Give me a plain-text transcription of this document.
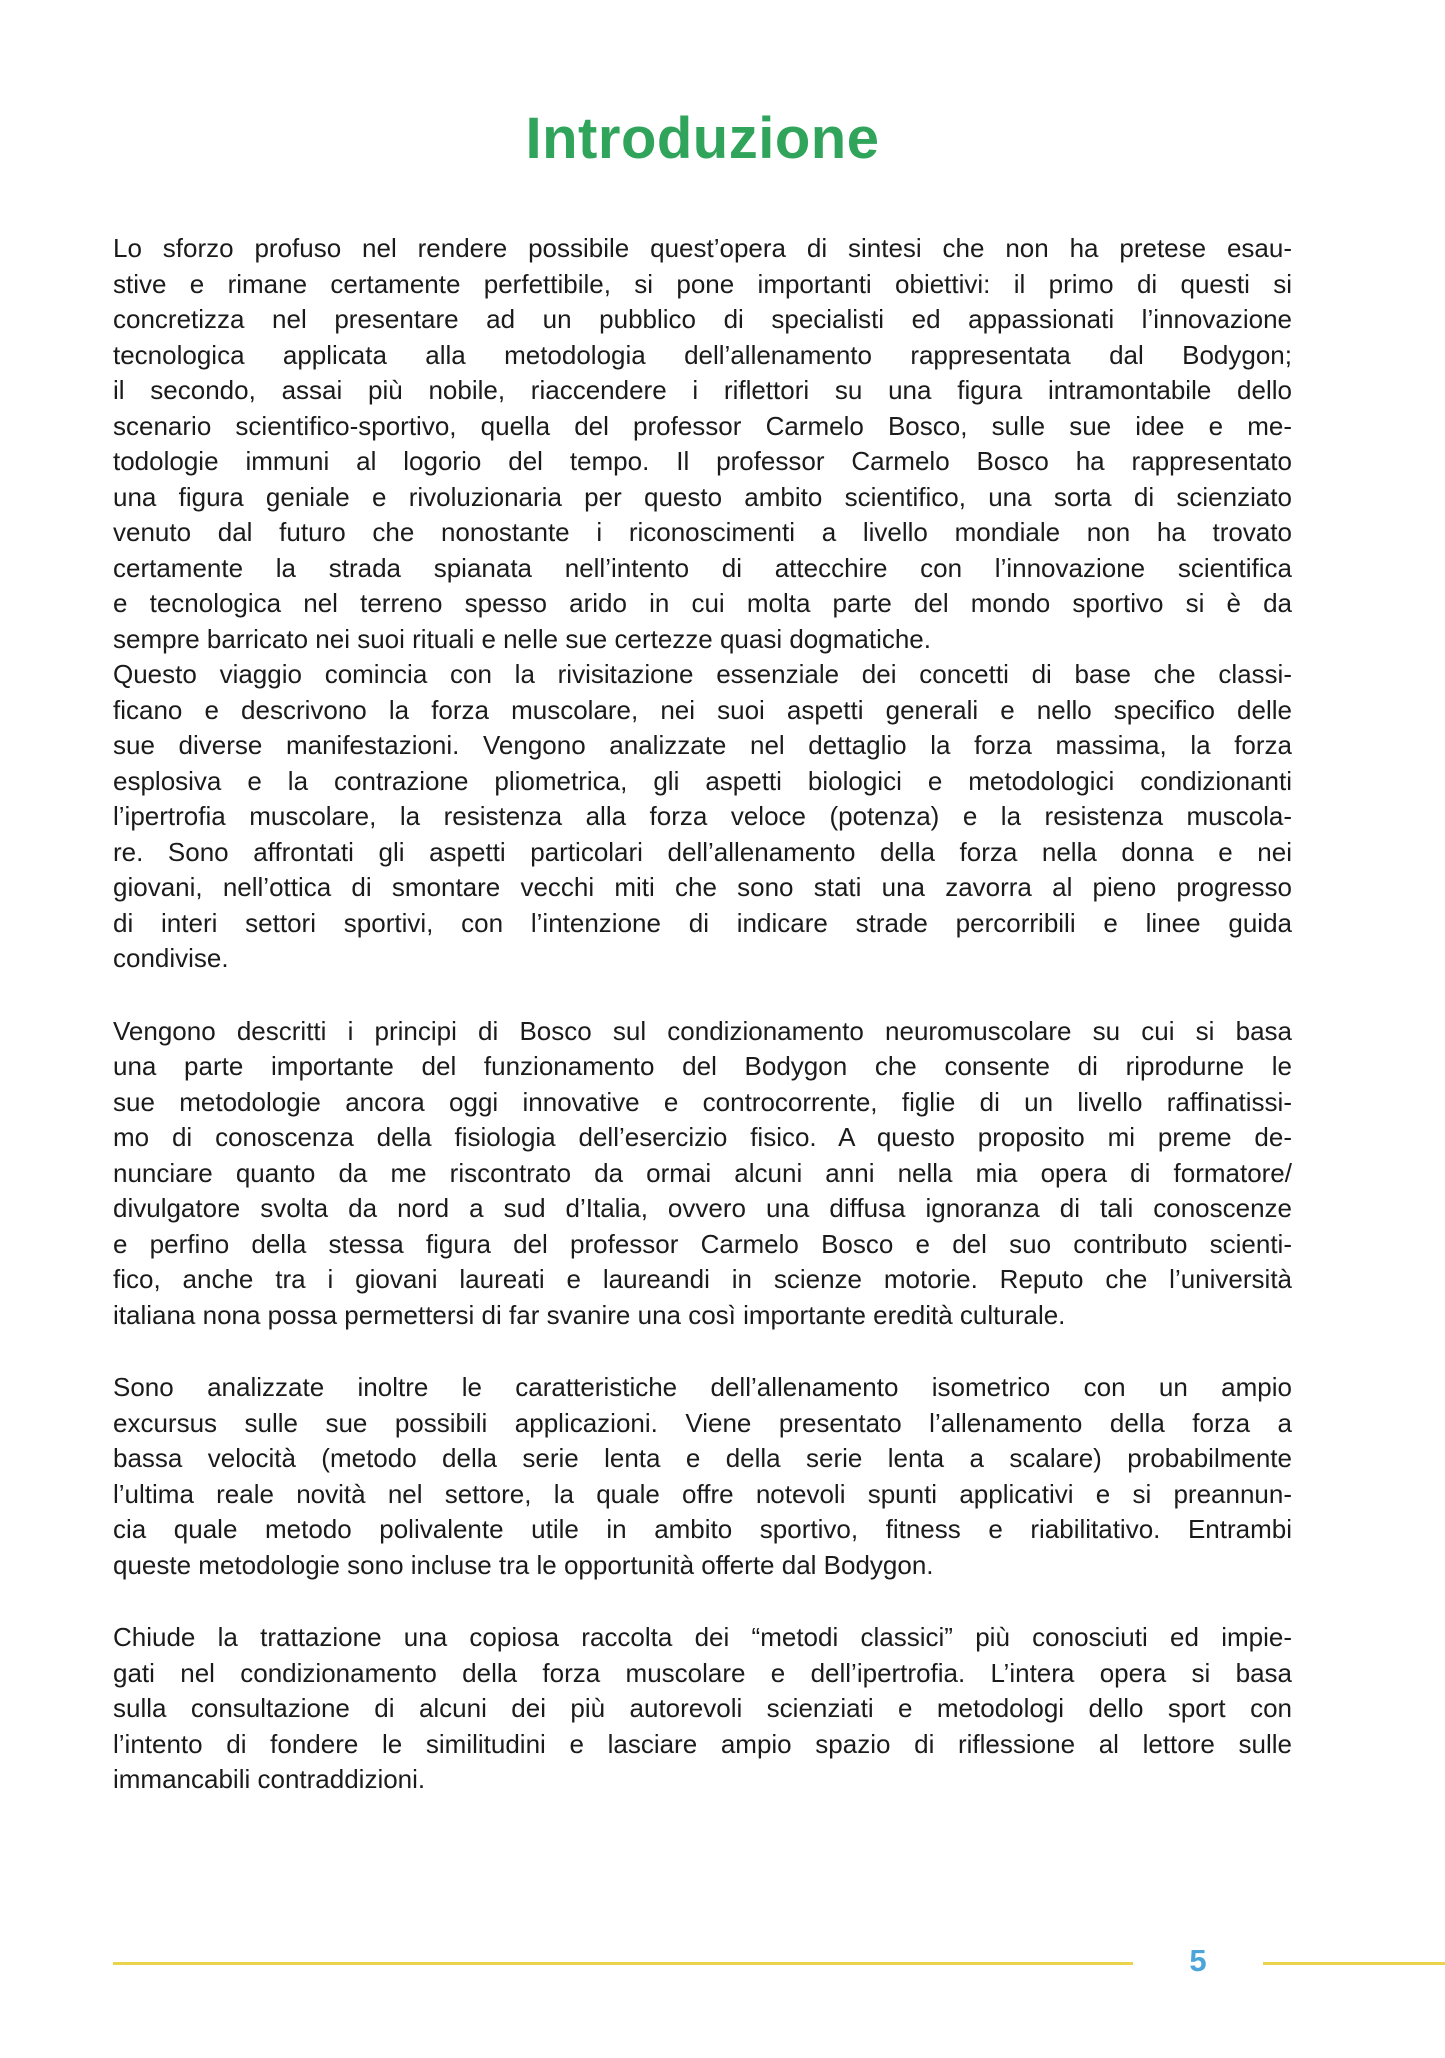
Introduzione
Lo sforzo profuso nel rendere possibile quest’opera di sintesi che non ha pretese esau-
stive e rimane certamente perfettibile, si pone importanti obiettivi: il primo di questi si
concretizza nel presentare ad un pubblico di specialisti ed appassionati l’innovazione
tecnologica applicata alla metodologia dell’allenamento rappresentata dal Bodygon;
il secondo, assai più nobile, riaccendere i riflettori su una figura intramontabile dello
scenario scientifico-sportivo, quella del professor Carmelo Bosco, sulle sue idee e me-
todologie immuni al logorio del tempo. Il professor Carmelo Bosco ha rappresentato
una figura geniale e rivoluzionaria per questo ambito scientifico, una sorta di scienziato
venuto dal futuro che nonostante i riconoscimenti a livello mondiale non ha trovato
certamente la strada spianata nell’intento di attecchire con l’innovazione scientifica
e tecnologica nel terreno spesso arido in cui molta parte del mondo sportivo si è da
sempre barricato nei suoi rituali e nelle sue certezze quasi dogmatiche.
Questo viaggio comincia con la rivisitazione essenziale dei concetti di base che classi-
ficano e descrivono la forza muscolare, nei suoi aspetti generali e nello specifico delle
sue diverse manifestazioni. Vengono analizzate nel dettaglio la forza massima, la forza
esplosiva e la contrazione pliometrica, gli aspetti biologici e metodologici condizionanti
l’ipertrofia muscolare, la resistenza alla forza veloce (potenza) e la resistenza muscola-
re. Sono affrontati gli aspetti particolari dell’allenamento della forza nella donna e nei
giovani, nell’ottica di smontare vecchi miti che sono stati una zavorra al pieno progresso
di interi settori sportivi, con l’intenzione di indicare strade percorribili e linee guida
condivise.
Vengono descritti i principi di Bosco sul condizionamento neuromuscolare su cui si basa
una parte importante del funzionamento del Bodygon che consente di riprodurne le
sue metodologie ancora oggi innovative e controcorrente, figlie di un livello raffinatissi-
mo di conoscenza della fisiologia dell’esercizio fisico. A questo proposito mi preme de-
nunciare quanto da me riscontrato da ormai alcuni anni nella mia opera di formatore/
divulgatore svolta da nord a sud d’Italia, ovvero una diffusa ignoranza di tali conoscenze
e perfino della stessa figura del professor Carmelo Bosco e del suo contributo scienti-
fico, anche tra i giovani laureati e laureandi in scienze motorie. Reputo che l’università
italiana nona possa permettersi di far svanire una così importante eredità culturale.
Sono analizzate inoltre le caratteristiche dell’allenamento isometrico con un ampio
excursus sulle sue possibili applicazioni. Viene presentato l’allenamento della forza a
bassa velocità (metodo della serie lenta e della serie lenta a scalare) probabilmente
l’ultima reale novità nel settore, la quale offre notevoli spunti applicativi e si preannun-
cia quale metodo polivalente utile in ambito sportivo, fitness e riabilitativo. Entrambi
queste metodologie sono incluse tra le opportunità offerte dal Bodygon.
Chiude la trattazione una copiosa raccolta dei “metodi classici” più conosciuti ed impie-
gati nel condizionamento della forza muscolare e dell’ipertrofia. L’intera opera si basa
sulla consultazione di alcuni dei più autorevoli scienziati e metodologi dello sport con
l’intento di fondere le similitudini e lasciare ampio spazio di riflessione al lettore sulle
immancabili contraddizioni.
5
